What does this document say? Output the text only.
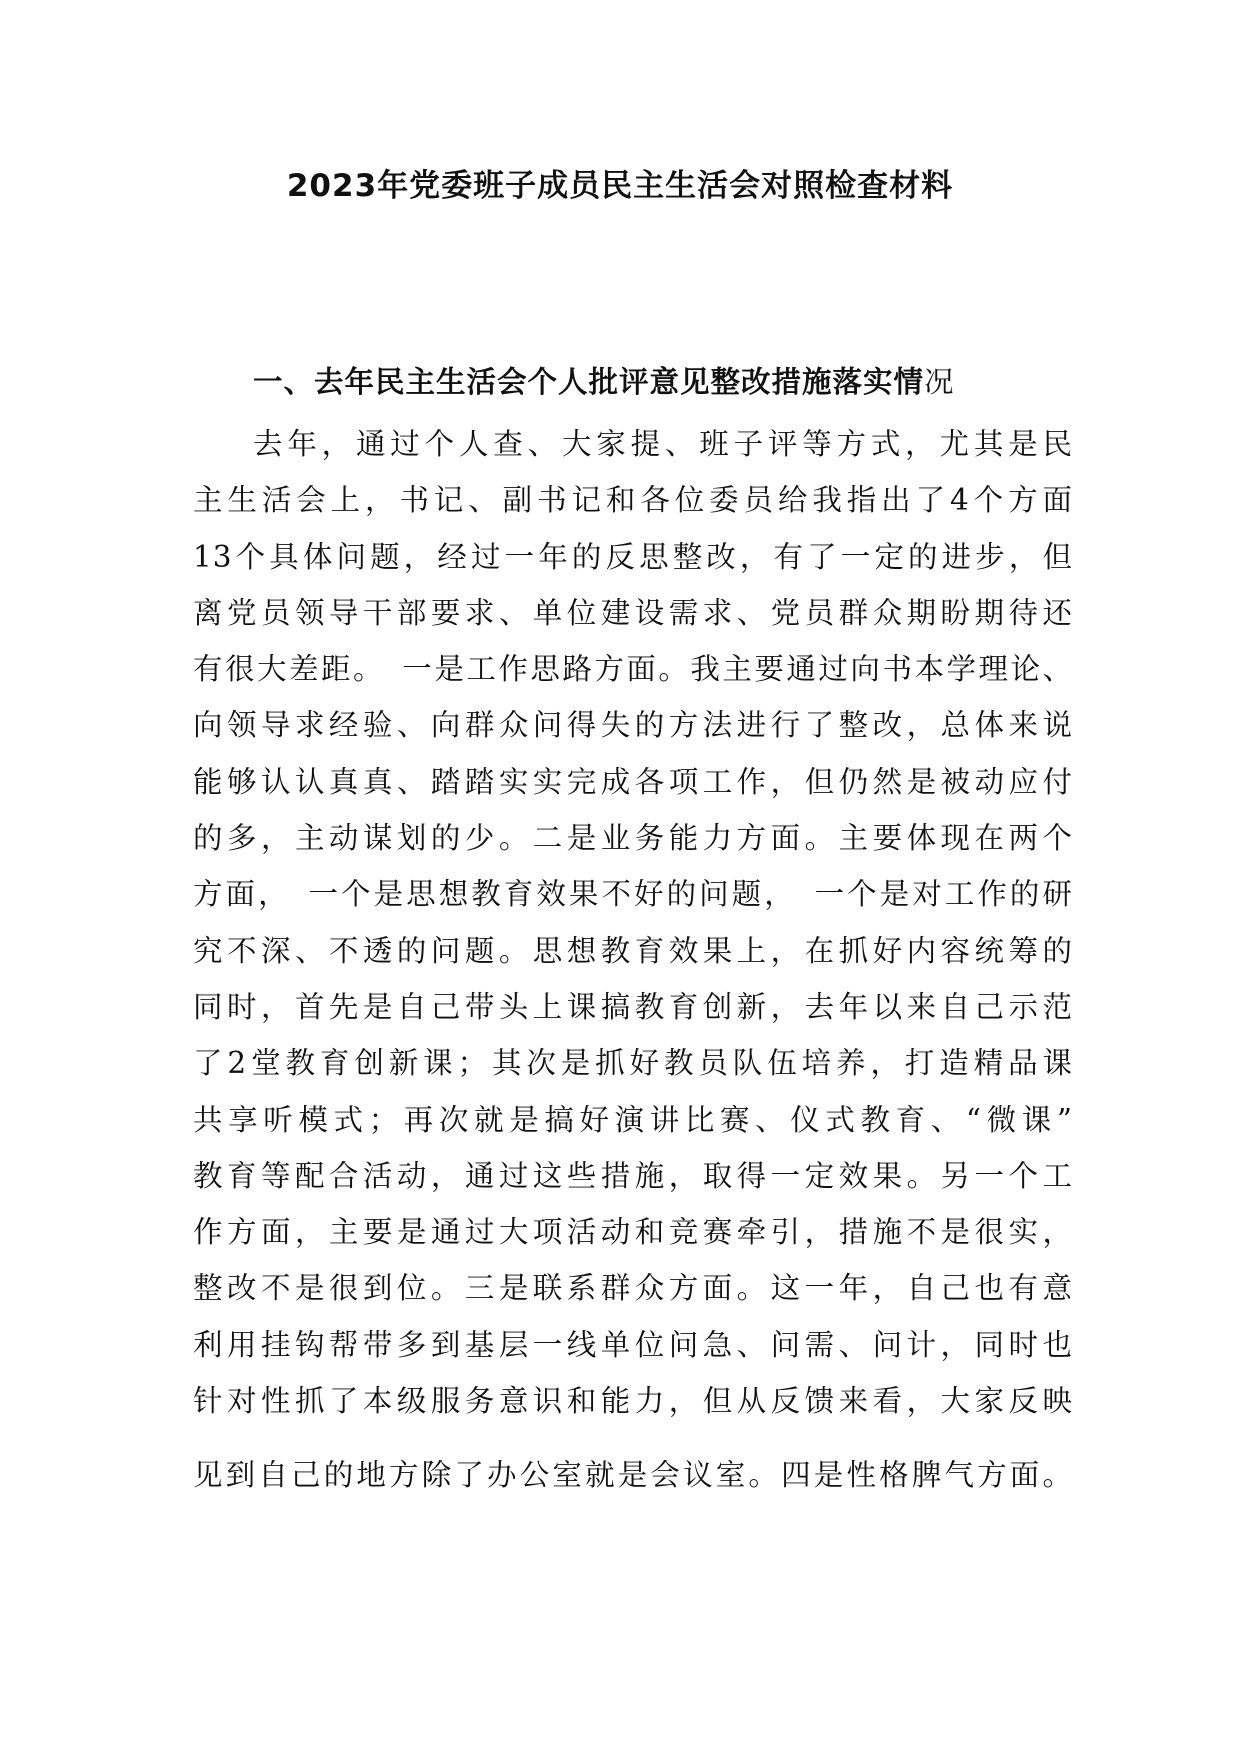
2023年党委班子成员民主生活会对照检查材料
一、去年民主生活会个人批评意见整改措施落实情况
去年，通过个人查、大家提、班子评等方式，尤其是民
主生活会上，书记、副书记和各位委员给我指出了4个方面
13个具体问题，经过一年的反思整改，有了一定的进步，但
离党员领导干部要求、单位建设需求、党员群众期盼期待还
有很大差距。　一是工作思路方面。我主要通过向书本学理论、
向领导求经验、向群众问得失的方法进行了整改，总体来说
能够认认真真、踏踏实实完成各项工作，但仍然是被动应付
的多，主动谋划的少。二是业务能力方面。主要体现在两个
方面，　一个是思想教育效果不好的问题，　一个是对工作的研
究不深、不透的问题。思想教育效果上，在抓好内容统筹的
同时，首先是自己带头上课搞教育创新，去年以来自己示范
了2堂教育创新课；其次是抓好教员队伍培养，打造精品课
共享听模式；再次就是搞好演讲比赛、仪式教育、“微课”
教育等配合活动，通过这些措施，取得一定效果。另一个工
作方面，主要是通过大项活动和竞赛牵引，措施不是很实，
整改不是很到位。三是联系群众方面。这一年，自己也有意
利用挂钩帮带多到基层一线单位问急、问需、问计，同时也
针对性抓了本级服务意识和能力，但从反馈来看，大家反映
见到自己的地方除了办公室就是会议室。四是性格脾气方面。
